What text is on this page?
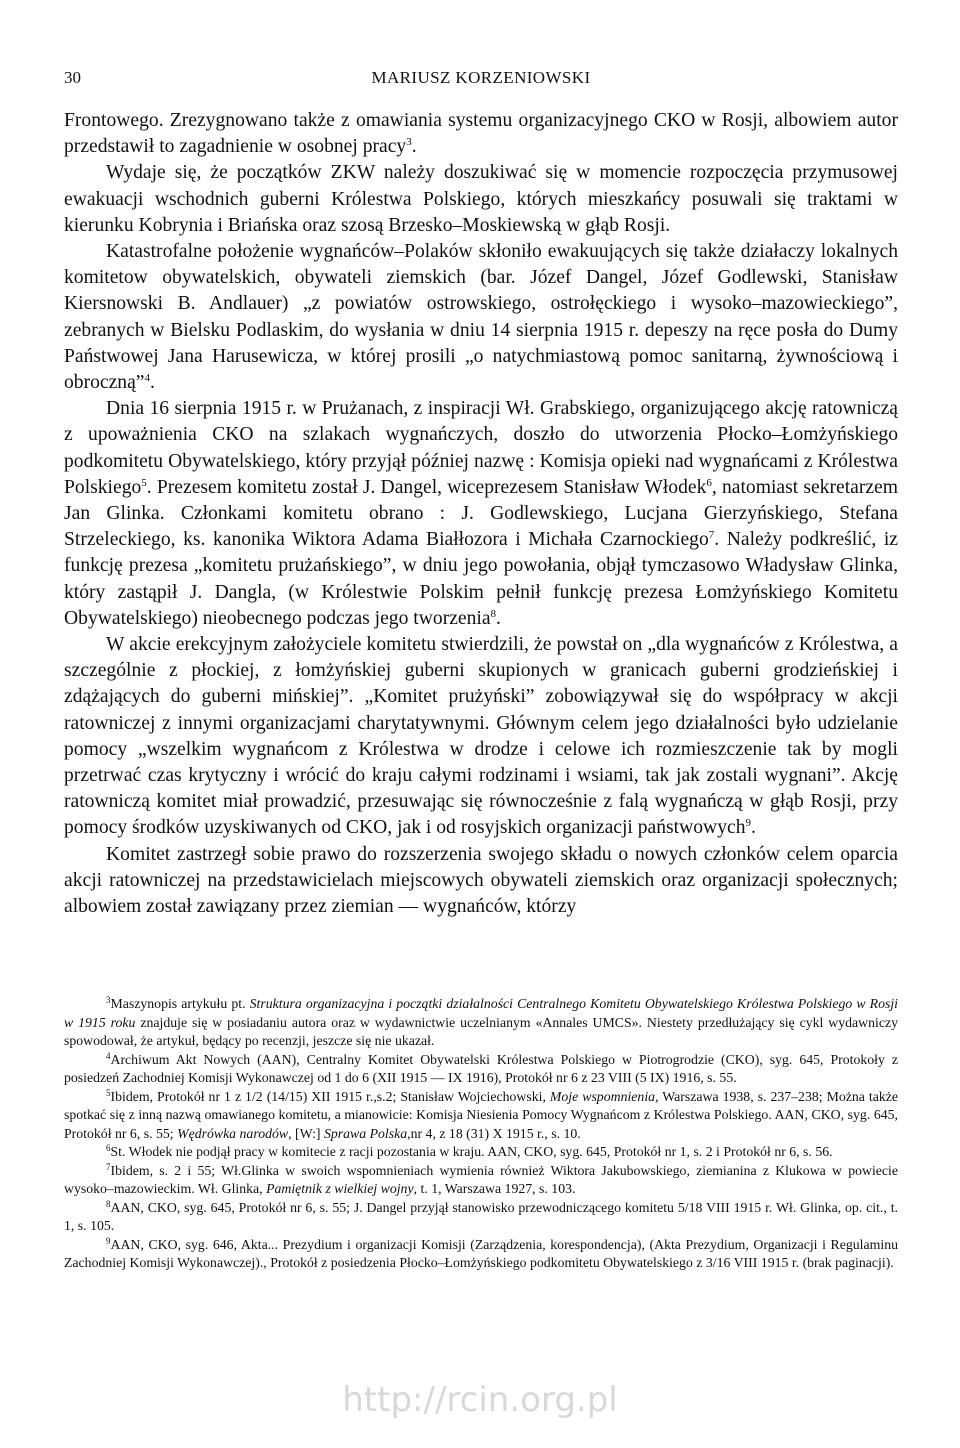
30	MARIUSZ KORZENIOWSKI

Frontowego. Zrezygnowano także z omawiania systemu organizacyjnego CKO w Rosji, albowiem autor przedstawił to zagadnienie w osobnej pracy$^3$.

Wydaje się, że początków ZKW należy doszukiwać się w momencie rozpoczęcia przymusowej ewakuacji wschodnich guberni Królestwa Polskiego, których mieszkańcy posuwali się traktami w kierunku Kobrynia i Briańska oraz szosą Brzesko–Moskiewską w głąb Rosji.

Katastrofalne położenie wygnańców–Polaków skłoniło ewakuujących się także działaczy lokalnych komitetow obywatelskich, obywateli ziemskich (bar. Józef Dangel, Józef Godlewski, Stanisław Kiersnowski B. Andlauer) „z powiatów ostrowskiego, ostrołęckiego i wysoko–mazowieckiego”, zebranych w Bielsku Podlaskim, do wysłania w dniu 14 sierpnia 1915 r. depeszy na ręce posła do Dumy Państwowej Jana Harusewicza, w której prosili „o natychmiastową pomoc sanitarną, żywnościową i obroczną”$^4$.

Dnia 16 sierpnia 1915 r. w Prużanach, z inspiracji Wł. Grabskiego, organizującego akcję ratowniczą z upoważnienia CKO na szlakach wygnańczych, doszło do utworzenia Płocko–Łomżyńskiego podkomitetu Obywatelskiego, który przyjął później nazwę : Komisja opieki nad wygnańcami z Królestwa Polskiego$^5$. Prezesem komitetu został J. Dangel, wiceprezesem Stanisław Włodek$^6$, natomiast sekretarzem Jan Glinka. Członkami komitetu obrano : J. Godlewskiego, Lucjana Gierzyńskiego, Stefana Strzeleckiego, ks. kanonika Wiktora Adama Białłozora i Michała Czarnockiego$^7$. Należy podkreślić, iz funkcję prezesa „komitetu prużańskiego”, w dniu jego powołania, objął tymczasowo Władysław Glinka, który zastąpił J. Dangla, (w Królestwie Polskim pełnił funkcję prezesa Łomżyńskiego Komitetu Obywatelskiego) nieobecnego podczas jego tworzenia$^8$.

W akcie erekcyjnym założyciele komitetu stwierdzili, że powstał on „dla wygnańców z Królestwa, a szczególnie z płockiej, z łomżyńskiej guberni skupionych w granicach guberni grodzieńskiej i zdążających do guberni mińskiej”. „Komitet prużyński” zobowiązywał się do współpracy w akcji ratowniczej z innymi organizacjami charytatywnymi. Głównym celem jego działalności było udzielanie pomocy „wszelkim wygnańcom z Królestwa w drodze i celowe ich rozmieszczenie tak by mogli przetrwać czas krytyczny i wrócić do kraju całymi rodzinami i wsiami, tak jak zostali wygnani”. Akcję ratowniczą komitet miał prowadzić, przesuwając się równocześnie z falą wygnańczą w głąb Rosji, przy pomocy środków uzyskiwanych od CKO, jak i od rosyjskich organizacji państwowych$^9$.

Komitet zastrzegł sobie prawo do rozszerzenia swojego składu o nowych członków celem oparcia akcji ratowniczej na przedstawicielach miejscowych obywateli ziemskich oraz organizacji społecznych; albowiem został zawiązany przez ziemian — wygnańców, którzy

$^3$Maszynopis artykułu pt. Struktura organizacyjna i początki działalności Centralnego Komitetu Obywatelskiego Królestwa Polskiego w Rosji w 1915 roku znajduje się w posiadaniu autora oraz w wydawnictwie uczelnianym «Annales UMCS». Niestety przedłużający się cykl wydawniczy spowodował, że artykuł, będący po recenzji, jeszcze się nie ukazał.

$^4$Archiwum Akt Nowych (AAN), Centralny Komitet Obywatelski Królestwa Polskiego w Piotrogrodzie (CKO), syg. 645, Protokoły z posiedzeń Zachodniej Komisji Wykonawczej od 1 do 6 (XII 1915 — IX 1916), Protokół nr 6 z 23 VIII (5 IX) 1916, s. 55.

$^5$Ibidem, Protokół nr 1 z 1/2 (14/15) XII 1915 r.,s.2; Stanisław Wojciechowski, Moje wspomnienia, Warszawa 1938, s. 237–238; Można także spotkać się z inną nazwą omawianego komitetu, a mianowicie: Komisja Niesienia Pomocy Wygnańcom z Królestwa Polskiego. AAN, CKO, syg. 645, Protokół nr 6, s. 55; Wędrówka narodów, [W:] Sprawa Polska,nr 4, z 18 (31) X 1915 r., s. 10.

$^6$St. Włodek nie podjął pracy w komitecie z racji pozostania w kraju. AAN, CKO, syg. 645, Protokół nr 1, s. 2 i Protokół nr 6, s. 56.

$^7$Ibidem, s. 2 i 55; Wł.Glinka w swoich wspomnieniach wymienia również Wiktora Jakubowskiego, ziemianina z Klukowa w powiecie wysoko–mazowieckim. Wł. Glinka, Pamiętnik z wielkiej wojny, t. 1, Warszawa 1927, s. 103.

$^8$AAN, CKO, syg. 645, Protokół nr 6, s. 55; J. Dangel przyjął stanowisko przewodniczącego komitetu 5/18 VIII 1915 r. Wł. Glinka, op. cit., t. 1, s. 105.

$^9$AAN, CKO, syg. 646, Akta... Prezydium i organizacji Komisji (Zarządzenia, korespondencja), (Akta Prezydium, Organizacji i Regulaminu Zachodniej Komisji Wykonawczej)., Protokół z posiedzenia Płocko–Łomżyńskiego podkomitetu Obywatelskiego z 3/16 VIII 1915 r. (brak paginacji).

http://rcin.org.pl
